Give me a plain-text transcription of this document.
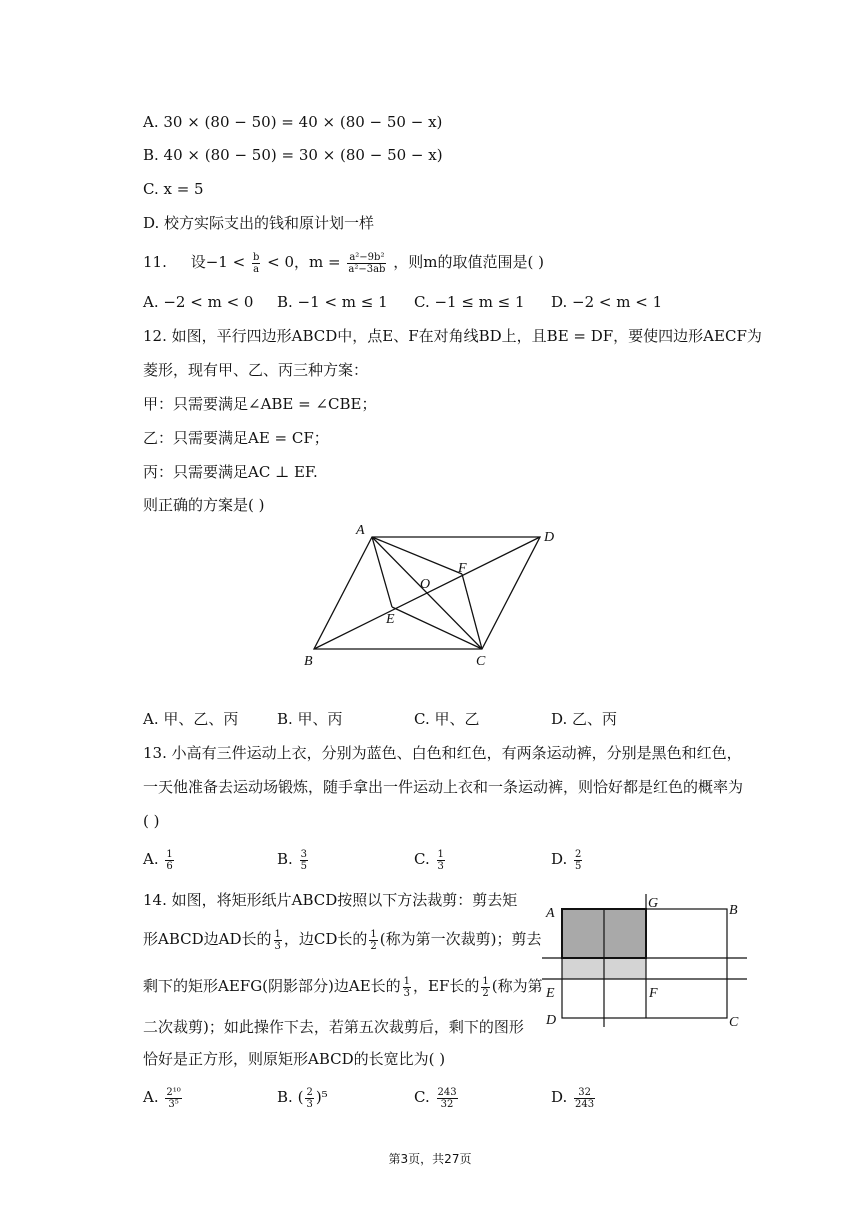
A. 30 × (80 − 50) = 40 × (80 − 50 − x)
B. 40 × (80 − 50) = 30 × (80 − 50 − x)
C. x = 5
D. 校方实际支出的钱和原计划一样
11. 设$-1 < \frac{b}{a} < 0$，$m = \frac{\text{a²−9b²}}{\text{a²−3ab}}$ ，则m的取值范围是( )
A. −2 < m < 0 B. −1 < m ≤ 1 C. −1 ≤ m ≤ 1 D. −2 < m < 1
12. 如图，平行四边形ABCD中，点E、F在对角线BD上，且BE = DF，要使四边形AECF为
菱形，现有甲、乙、丙三种方案：
甲：只需要满足∠ABE = ∠CBE；
乙：只需要满足AE = CF；
丙：只需要满足AC ⊥ EF.
则正确的方案是( )
A	D
B	C
E
F
O
A. 甲、乙、丙	B. 甲、丙	C. 甲、乙	D. 乙、丙
13. 小高有三件运动上衣，分别为蓝色、白色和红色，有两条运动裤，分别是黑色和红色，
一天他准备去运动场锻炼，随手拿出一件运动上衣和一条运动裤，则恰好都是红色的概率为
( )
A. $\frac{1}{6}$	B. $\frac{3}{5}$	C. $\frac{1}{3}$	D. $\frac{2}{5}$
14. 如图，将矩形纸片ABCD按照以下方法裁剪：剪去矩
形ABCD边AD长的 $\frac{1}{3}$ ，边CD长的 $\frac{1}{2}$ (称为第一次裁剪)；剪去
剩下的矩形AEFG(阴影部分)边AE长的 $\frac{1}{3}$ ，EF长的 $\frac{1}{2}$ (称为第
二次裁剪)；如此操作下去，若第五次裁剪后，剩下的图形
恰好是正方形，则原矩形ABCD的长宽比为( )
A
G	B
E	F
D	C
A. $\frac{\text{2¹⁰}}{\text{3⁵}}$	B. ( $\frac{2}{3} )^5$	C. $\frac{243}{32}$	D. $\frac{32}{243}$
第3页，共27页
